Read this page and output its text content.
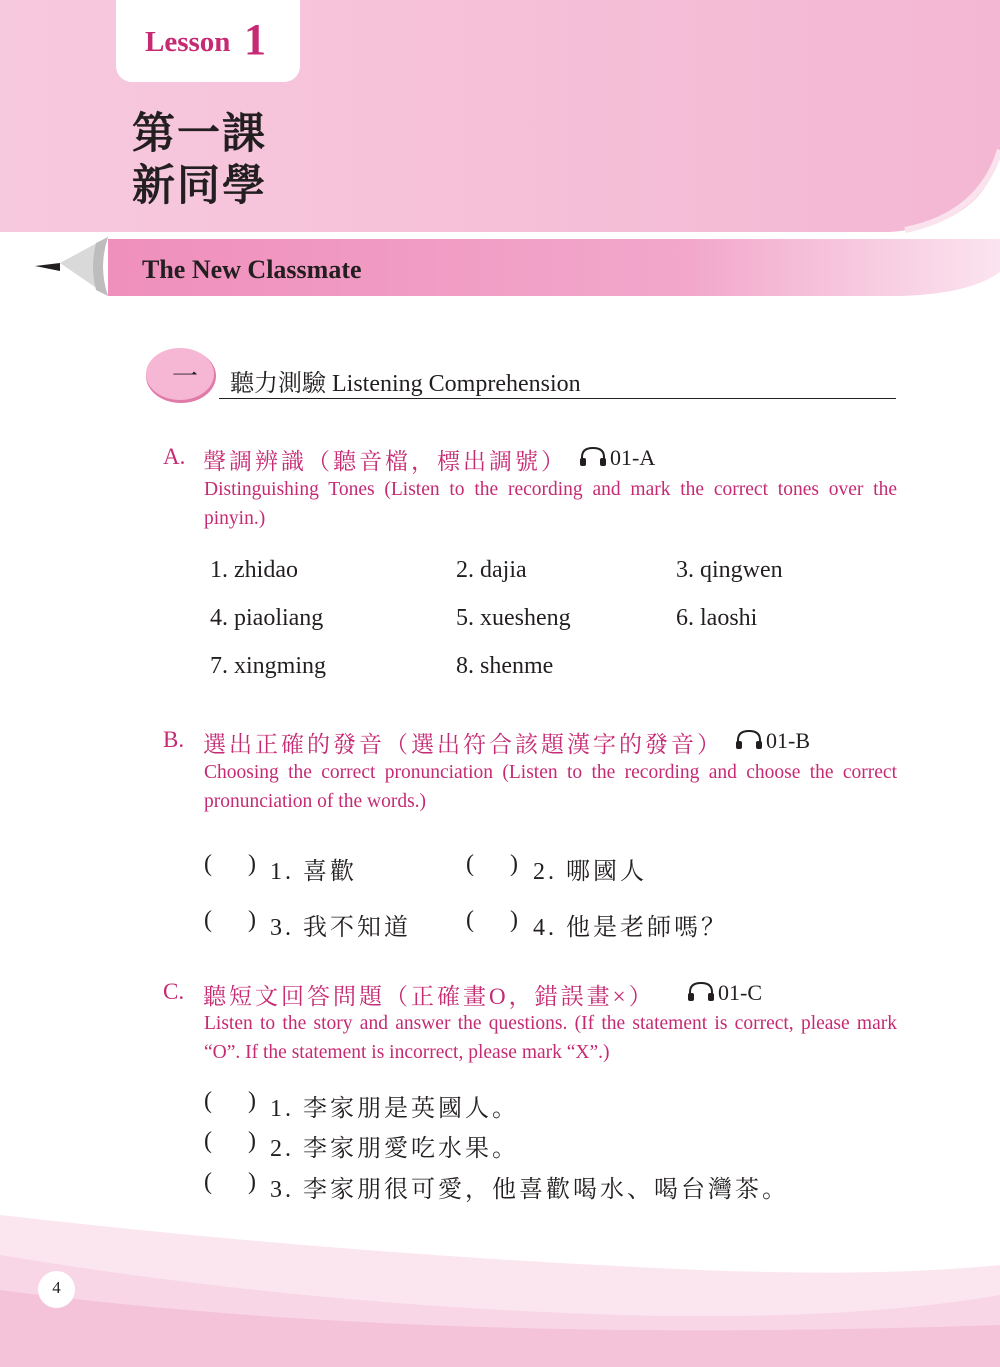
Lesson 1
第一課
新同學
The New Classmate
一 聽力測驗 Listening Comprehension
A. 聲調辨識（聽音檔，標出調號）	01-A
Distinguishing Tones (Listen to the recording and mark the correct tones over the pinyin.)
1. zhidao	2. dajia	3. qingwen
4. piaoliang	5. xuesheng	6. laoshi
7. xingming	8. shenme
B. 選出正確的發音（選出符合該題漢字的發音）	01-B
Choosing the correct pronunciation (Listen to the recording and choose the correct pronunciation of the words.)
(  ) 1. 喜歡	(  ) 2. 哪國人
(  ) 3. 我不知道 (  ) 4. 他是老師嗎？
C. 聽短文回答問題（正確畫O，錯誤畫×）	01-C
Listen to the story and answer the questions. (If the statement is correct, please mark “O”. If the statement is incorrect, please mark “X”.)
(  ) 1. 李家朋是英國人。
(  ) 2. 李家朋愛吃水果。
(  ) 3. 李家朋很可愛，他喜歡喝水、喝台灣茶。
4
